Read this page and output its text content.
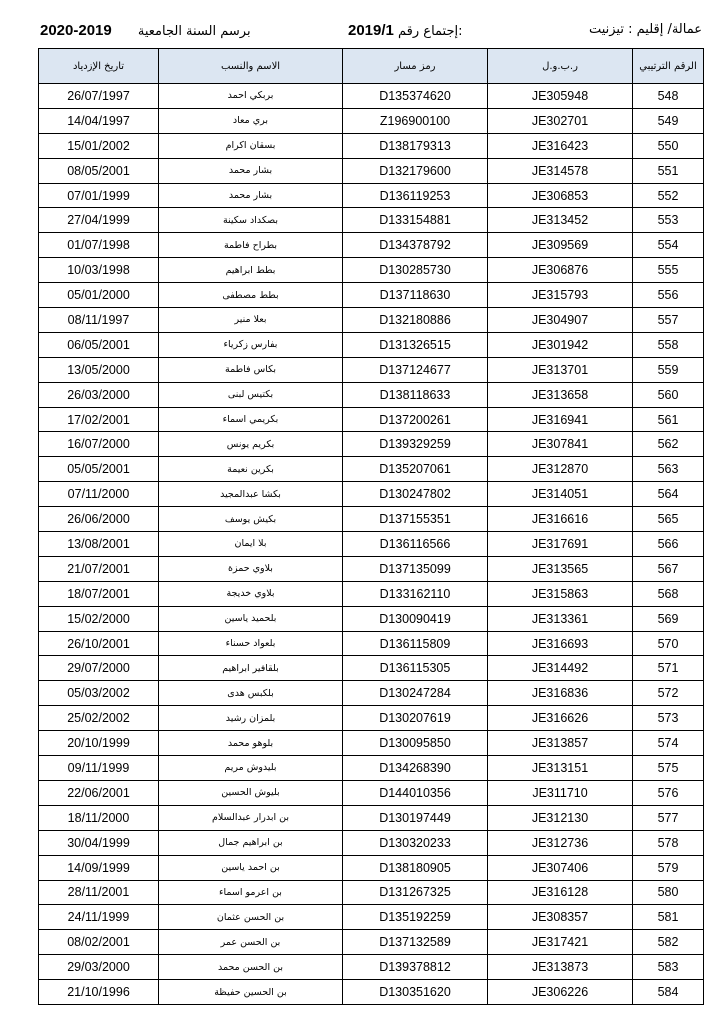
عمالة/ إقليم : تيزنيت
2019/1 إجتماع رقم:
2020-2019 برسم السنة الجامعية
تاريخ الإزدياد	الاسم والنسب	رمز مسار	ر.ب.و.ل	الرقم الترتيبي
26/07/1997	بربكي احمد	D135374620	JE305948	548
14/04/1997	بري معاد	Z196900100	JE302701	549
15/01/2002	بسقان اكرام	D138179313	JE316423	550
08/05/2001	بشار محمد	D132179600	JE314578	551
07/01/1999	بشار محمد	D136119253	JE306853	552
27/04/1999	بصكداد سكينة	D133154881	JE313452	553
01/07/1998	بطراح فاطمة	D134378792	JE309569	554
10/03/1998	بطط ابراهيم	D130285730	JE306876	555
05/01/2000	بطط مصطفى	D137118630	JE315793	556
08/11/1997	بعلا منير	D132180886	JE304907	557
06/05/2001	بفارس زكرياء	D131326515	JE301942	558
13/05/2000	بكاس فاطمة	D137124677	JE313701	559
26/03/2000	بكتيس لبنى	D138118633	JE313658	560
17/02/2001	بكريمي اسماء	D137200261	JE316941	561
16/07/2000	بكريم يونس	D139329259	JE307841	562
05/05/2001	بكرين نعيمة	D135207061	JE312870	563
07/11/2000	بكشا عبدالمجيد	D130247802	JE314051	564
26/06/2000	بكيش يوسف	D137155351	JE316616	565
13/08/2001	بلا ايمان	D136116566	JE317691	566
21/07/2001	بلاوي حمزة	D137135099	JE313565	567
18/07/2001	بلاوي خديجة	D133162110	JE315863	568
15/02/2000	بلحميد ياسين	D130090419	JE313361	569
26/10/2001	بلعواد حسناء	D136115809	JE316693	570
29/07/2000	بلقافير ابراهيم	D136115305	JE314492	571
05/03/2002	بلكبس هدى	D130247284	JE316836	572
25/02/2002	بلمزان رشيد	D130207619	JE316626	573
20/10/1999	بلوهو محمد	D130095850	JE313857	574
09/11/1999	بليدوش مريم	D134268390	JE313151	575
22/06/2001	بليوش الحسين	D144010356	JE311710	576
18/11/2000	بن ابدرار عبدالسلام	D130197449	JE312130	577
30/04/1999	بن ابراهيم جمال	D130320233	JE312736	578
14/09/1999	بن احمد ياسين	D138180905	JE307406	579
28/11/2001	بن اعرمو اسماء	D131267325	JE316128	580
24/11/1999	بن الحسن عثمان	D135192259	JE308357	581
08/02/2001	بن الحسن عمر	D137132589	JE317421	582
29/03/2000	بن الحسن محمد	D139378812	JE313873	583
21/10/1996	بن الحسين حفيظة	D130351620	JE306226	584
